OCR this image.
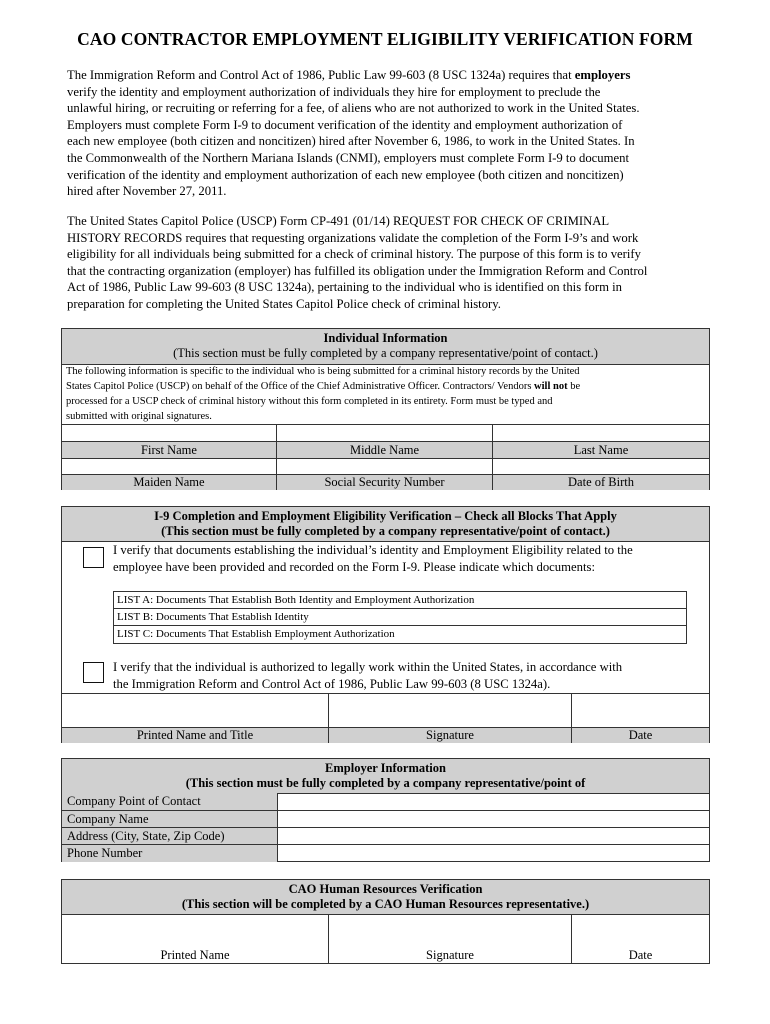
CAO CONTRACTOR EMPLOYMENT ELIGIBILITY VERIFICATION FORM
The Immigration Reform and Control Act of 1986, Public Law 99-603 (8 USC 1324a) requires that employers
verify the identity and employment authorization of individuals they hire for employment to preclude the
unlawful hiring, or recruiting or referring for a fee, of aliens who are not authorized to work in the United States.
Employers must complete Form I-9 to document verification of the identity and employment authorization of
each new employee (both citizen and noncitizen) hired after November 6, 1986, to work in the United States. In
the Commonwealth of the Northern Mariana Islands (CNMI), employers must complete Form I-9 to document
verification of the identity and employment authorization of each new employee (both citizen and noncitizen)
hired after November 27, 2011.
The United States Capitol Police (USCP) Form CP-491 (01/14) REQUEST FOR CHECK OF CRIMINAL
HISTORY RECORDS requires that requesting organizations validate the completion of the Form I-9’s and work
eligibility for all individuals being submitted for a check of criminal history. The purpose of this form is to verify
that the contracting organization (employer) has fulfilled its obligation under the Immigration Reform and Control
Act of 1986, Public Law 99-603 (8 USC 1324a), pertaining to the individual who is identified on this form in
preparation for completing the United States Capitol Police check of criminal history.
Individual Information
(This section must be fully completed by a company representative/point of contact.)
The following information is specific to the individual who is being submitted for a criminal history records by the United
States Capitol Police (USCP) on behalf of the Office of the Chief Administrative Officer. Contractors/ Vendors will not be
processed for a USCP check of criminal history without this form completed in its entirety. Form must be typed and
submitted with original signatures.
First Name	Middle Name	Last Name
Maiden Name	Social Security Number	Date of Birth
I-9 Completion and Employment Eligibility Verification – Check all Blocks That Apply
(This section must be fully completed by a company representative/point of contact.)
I verify that documents establishing the individual’s identity and Employment Eligibility related to the
employee have been provided and recorded on the Form I-9. Please indicate which documents:
LIST A: Documents That Establish Both Identity and Employment Authorization
LIST B: Documents That Establish Identity
LIST C: Documents That Establish Employment Authorization
I verify that the individual is authorized to legally work within the United States, in accordance with
the Immigration Reform and Control Act of 1986, Public Law 99-603 (8 USC 1324a).
Printed Name and Title	Signature	Date
Employer Information
(This section must be fully completed by a company representative/point of
Company Point of Contact
Company Name
Address (City, State, Zip Code)
Phone Number
CAO Human Resources Verification
(This section will be completed by a CAO Human Resources representative.)
Printed Name	Signature	Date
